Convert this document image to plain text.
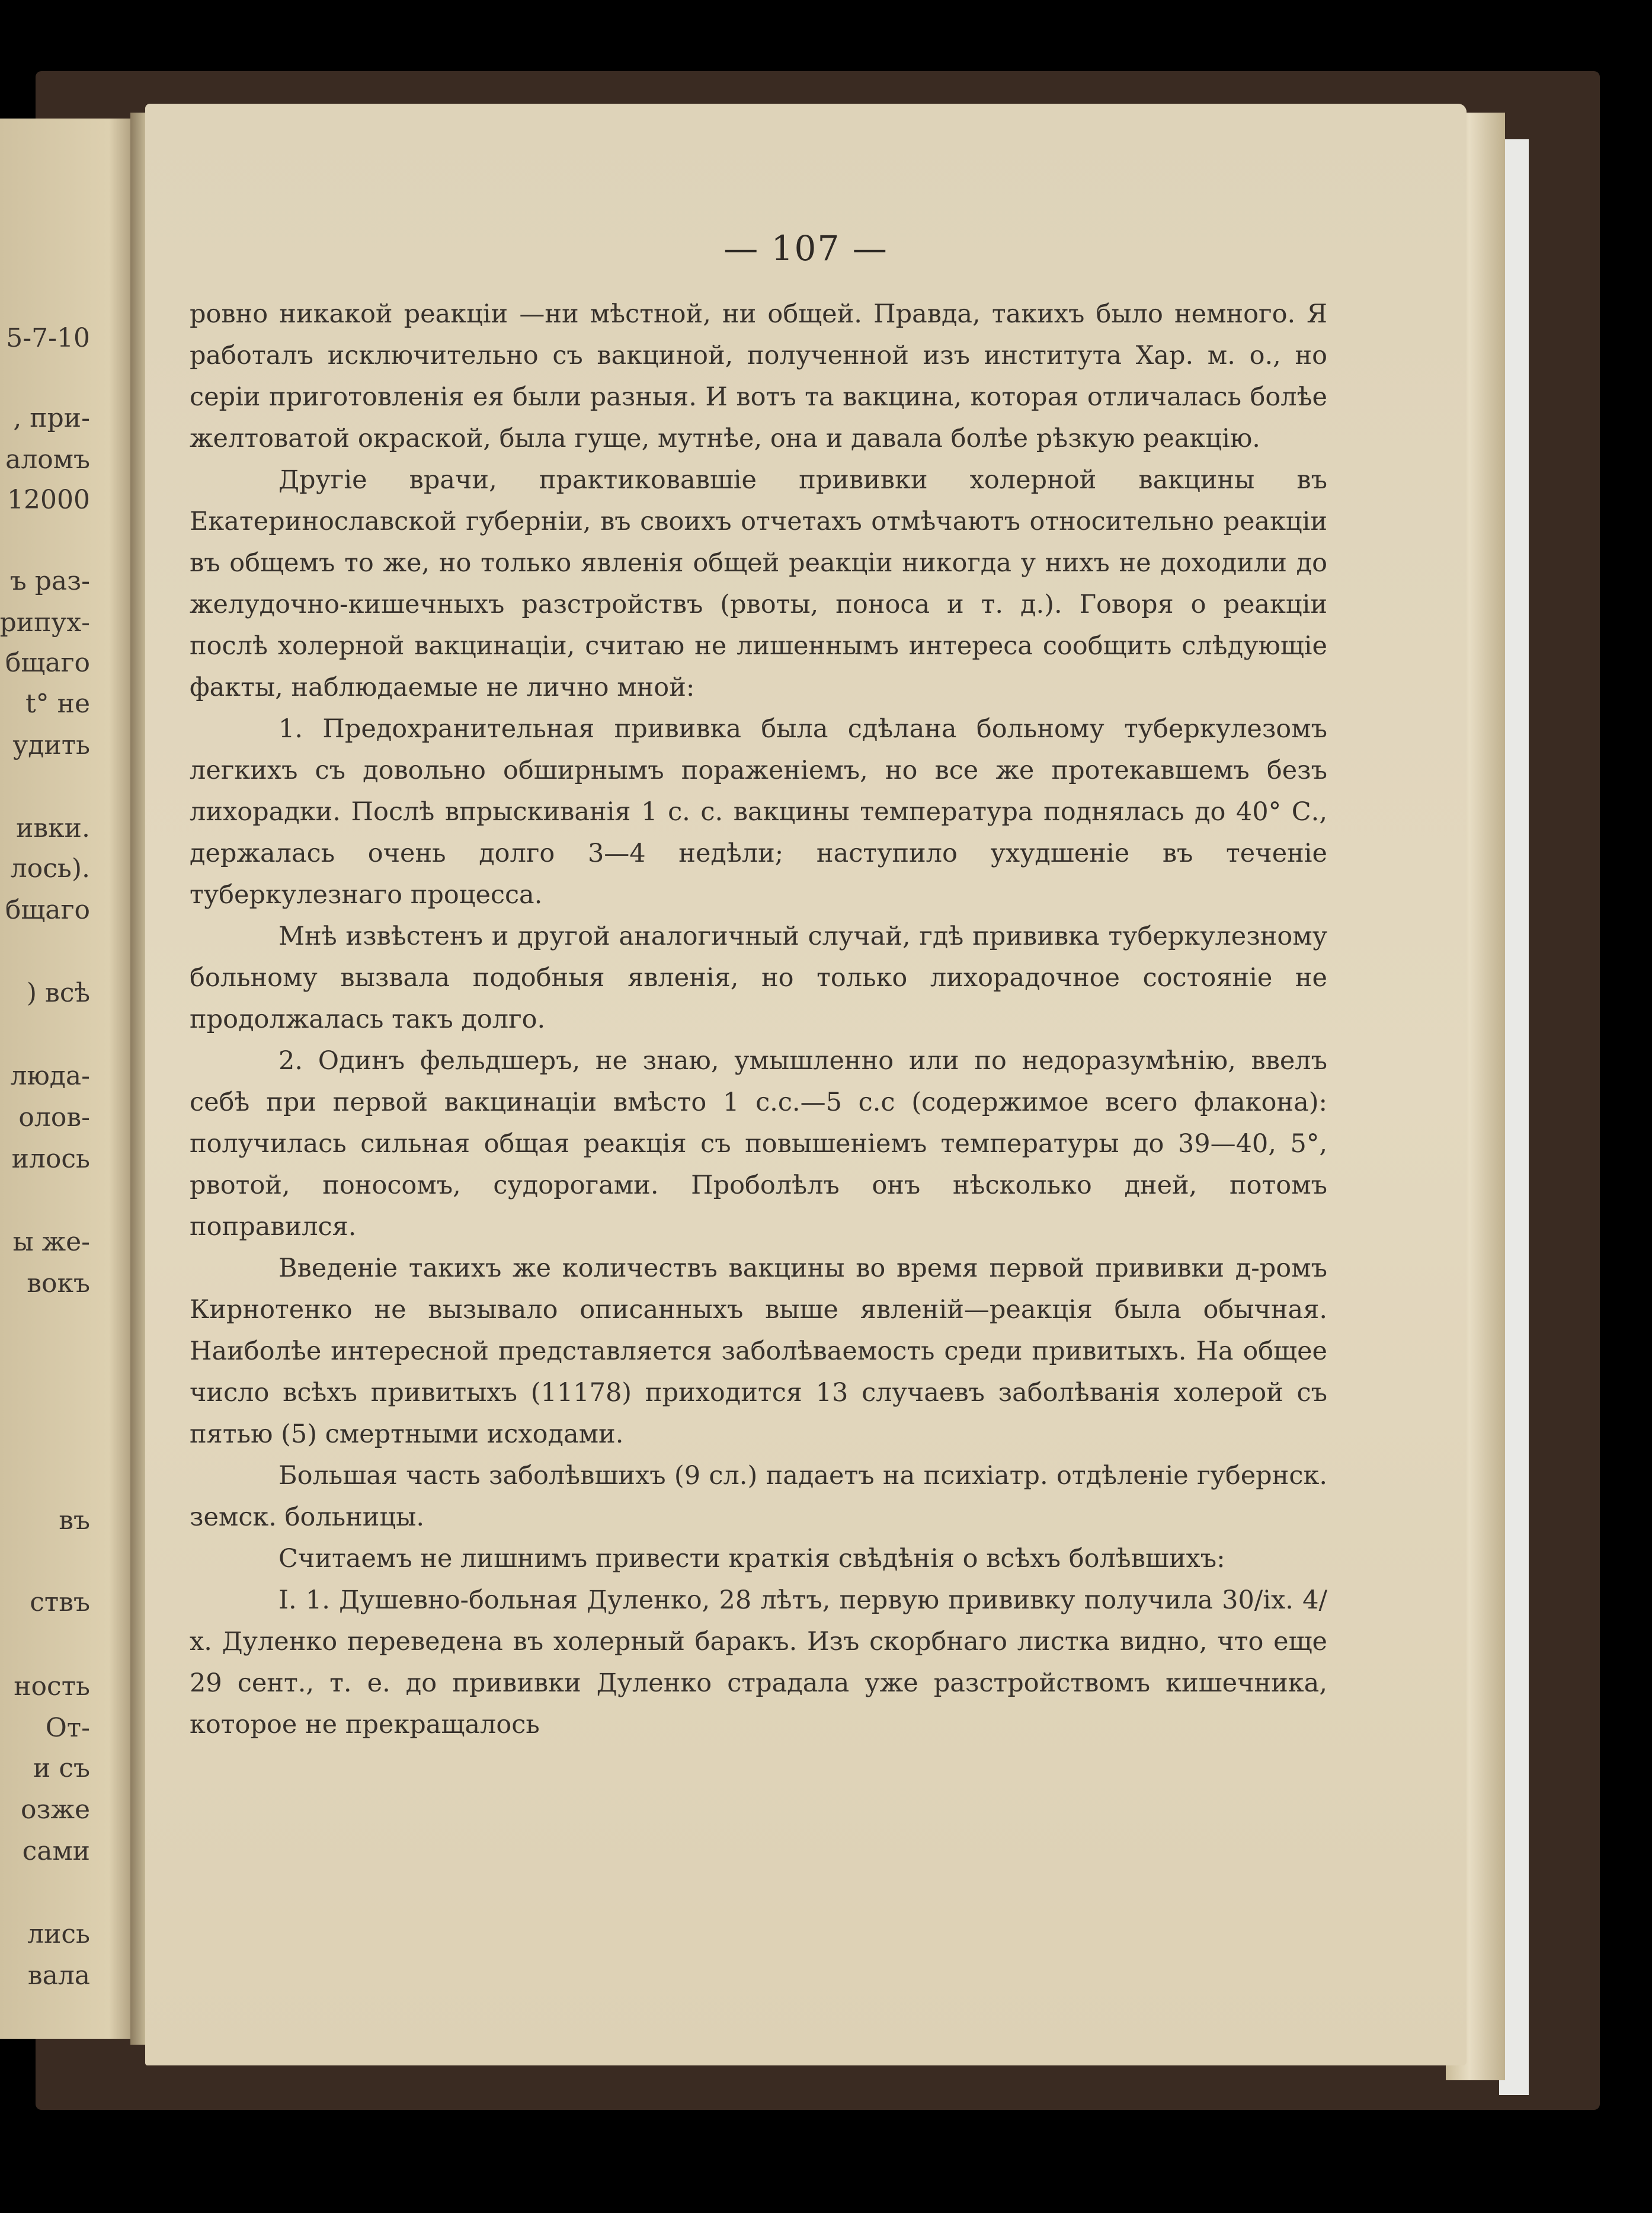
5-7-10
, при-
аломъ
12000
ъ раз-
рипух-
бщаго
t° не
удить
ивки.
лось).
бщаго
) всѣ
люда-
олов-
илось
ы же-
вокъ
въ
ствъ
ность
От-
и съ
озже
сами
лись
вала
— 107 —

ровно никакой реакціи —ни мѣстной, ни общей. Правда, такихъ было немного. Я работалъ исключительно съ вакциной, полученной изъ института Хар. м. о., но серіи приготовленія ея были разныя. И вотъ та вакцина, которая отличалась болѣе желтоватой окраской, была гуще, мутнѣе, она и давала болѣе рѣзкую реакцію.

Другіе врачи, практиковавшіе прививки холерной вакцины въ Екатеринославской губерніи, въ своихъ отчетахъ отмѣчаютъ относительно реакціи въ общемъ то же, но только явленія общей реакціи никогда у нихъ не доходили до желудочно-кишечныхъ разстройствъ (рвоты, поноса и т. д.). Говоря о реакціи послѣ холерной вакцинаціи, считаю не лишеннымъ интереса сообщить слѣдующіе факты, наблюдаемые не лично мной:

1. Предохранительная прививка была сдѣлана больному туберкулезомъ легкихъ съ довольно обширнымъ пораженіемъ, но все же протекавшемъ безъ лихорадки. Послѣ впрыскиванія 1 с. с. вакцины температура поднялась до 40° С., держалась очень долго 3—4 недѣли; наступило ухудшеніе въ теченіе туберкулезнаго процесса.

Мнѣ извѣстенъ и другой аналогичный случай, гдѣ прививка туберкулезному больному вызвала подобныя явленія, но только лихорадочное состояніе не продолжалась такъ долго.

2. Одинъ фельдшеръ, не знаю, умышленно или по недоразумѣнію, ввелъ себѣ при первой вакцинаціи вмѣсто 1 с.с.—5 с.с (содержимое всего флакона): получилась сильная общая реакція съ повышеніемъ температуры до 39—40, 5°, рвотой, поносомъ, судорогами. Проболѣлъ онъ нѣсколько дней, потомъ поправился.

Введеніе такихъ же количествъ вакцины во время первой прививки д-ромъ Кирнотенко не вызывало описанныхъ выше явленій—реакція была обычная. Наиболѣе интересной представляется заболѣваемость среди привитыхъ. На общее число всѣхъ привитыхъ (11178) приходится 13 случаевъ заболѣванія холерой съ пятью (5) смертными исходами.

Большая часть заболѣвшихъ (9 сл.) падаетъ на психіатр. отдѣленіе губернск. земск. больницы.

Считаемъ не лишнимъ привести краткія свѣдѣнія о всѣхъ болѣвшихъ:

I. 1. Душевно-больная Дуленко, 28 лѣтъ, первую прививку получила 30/іх. 4/х. Дуленко переведена въ холерный баракъ. Изъ скорбнаго листка видно, что еще 29 сент., т. е. до прививки Дуленко страдала уже разстройствомъ кишечника, которое не прекращалось
